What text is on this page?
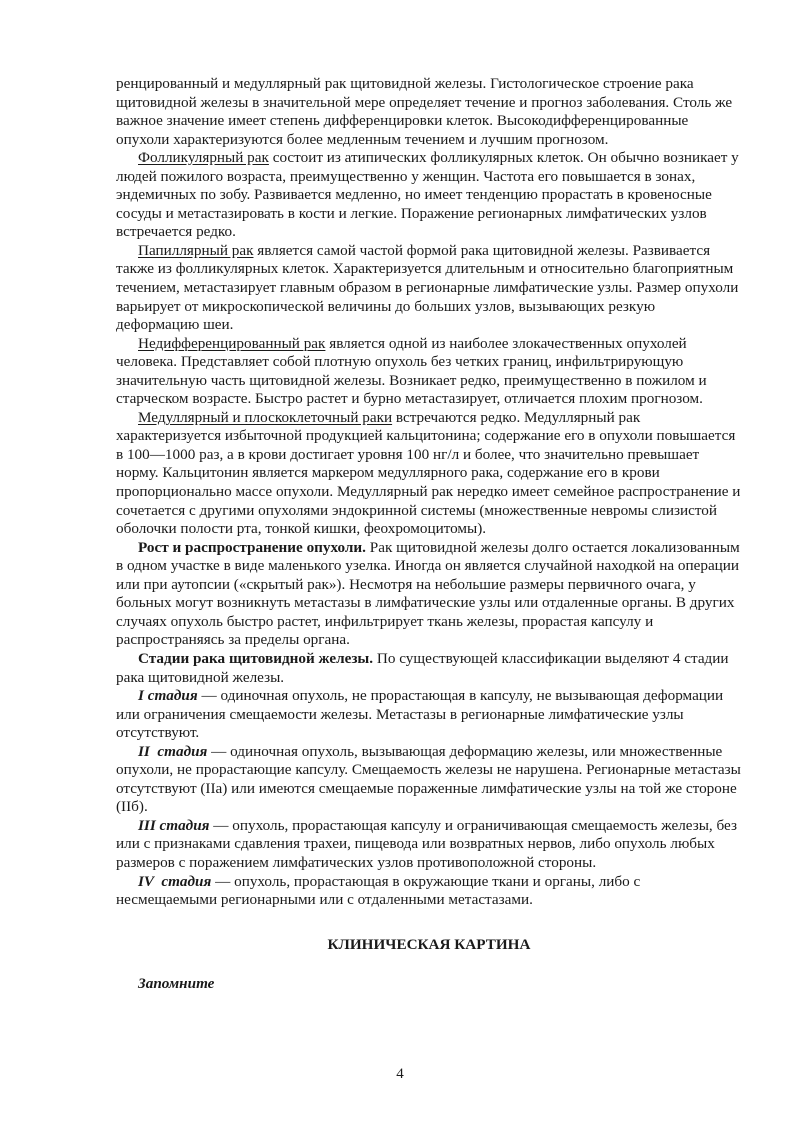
ренцированный и медуллярный рак щитовидной железы. Гистологическое строение рака щитовидной железы в значительной мере определяет течение и прогноз заболевания. Столь же важное значение имеет степень дифференцировки клеток. Высокодифференцированные опухоли характеризуются более медленным течением и лучшим прогнозом.

Фолликулярный рак состоит из атипических фолликулярных клеток. Он обычно возникает у людей пожилого возраста, преимущественно у женщин. Частота его повышается в зонах, эндемичных по зобу. Развивается медленно, но имеет тенденцию прорастать в кровеносные сосуды и метастазировать в кости и легкие. Поражение регионарных лимфатических узлов встречается редко.

Папиллярный рак является самой частой формой рака щитовидной железы. Развивается также из фолликулярных клеток. Характеризуется длительным и относительно благоприятным течением, метастазирует главным образом в регионарные лимфатические узлы. Размер опухоли варьирует от микроскопической величины до больших узлов, вызывающих резкую деформацию шеи.

Недифференцированный рак является одной из наиболее злокачественных опухолей человека. Представляет собой плотную опухоль без четких границ, инфильтрирующую значительную часть щитовидной железы. Возникает редко, преимущественно в пожилом и старческом возрасте. Быстро растет и бурно метастазирует, отличается плохим прогнозом.

Медуллярный и плоскоклеточный раки встречаются редко. Медуллярный рак характеризуется избыточной продукцией кальцитонина; содержание его в опухоли повышается в 100—1000 раз, а в крови достигает уровня 100 нг/л и более, что значительно превышает норму. Кальцитонин является маркером медуллярного рака, содержание его в крови пропорционально массе опухоли. Медуллярный рак нередко имеет семейное распространение и сочетается с другими опухолями эндокринной системы (множественные невромы слизистой оболочки полости рта, тонкой кишки, феохромоцитомы).

Рост и распространение опухоли. Рак щитовидной железы долго остается локализованным в одном участке в виде маленького узелка. Иногда он является случайной находкой на операции или при аутопсии («скрытый рак»). Несмотря на небольшие размеры первичного очага, у больных могут возникнуть метастазы в лимфатические узлы или отдаленные органы. В других случаях опухоль быстро растет, инфильтрирует ткань железы, прорастая капсулу и распространяясь за пределы органа.

Стадии рака щитовидной железы. По существующей классификации выделяют 4 стадии рака щитовидной железы.

I стадия — одиночная опухоль, не прорастающая в капсулу, не вызывающая деформации или ограничения смещаемости железы. Метастазы в регионарные лимфатические узлы отсутствуют.

II  стадия — одиночная опухоль, вызывающая деформацию железы, или множественные опухоли, не прорастающие капсулу. Смещаемость железы не нарушена. Регионарные метастазы отсутствуют (IIа) или имеются смещаемые пораженные лимфатические узлы на той же стороне (IIб).

III стадия — опухоль, прорастающая капсулу и ограничивающая смещаемость железы, без или с признаками сдавления трахеи, пищевода или возвратных нервов, либо опухоль любых размеров с поражением лимфатических узлов противоположной стороны.

IV  стадия — опухоль, прорастающая в окружающие ткани и органы, либо с несмещаемыми регионарными или с отдаленными метастазами.

КЛИНИЧЕСКАЯ КАРТИНА

Запомните

4
